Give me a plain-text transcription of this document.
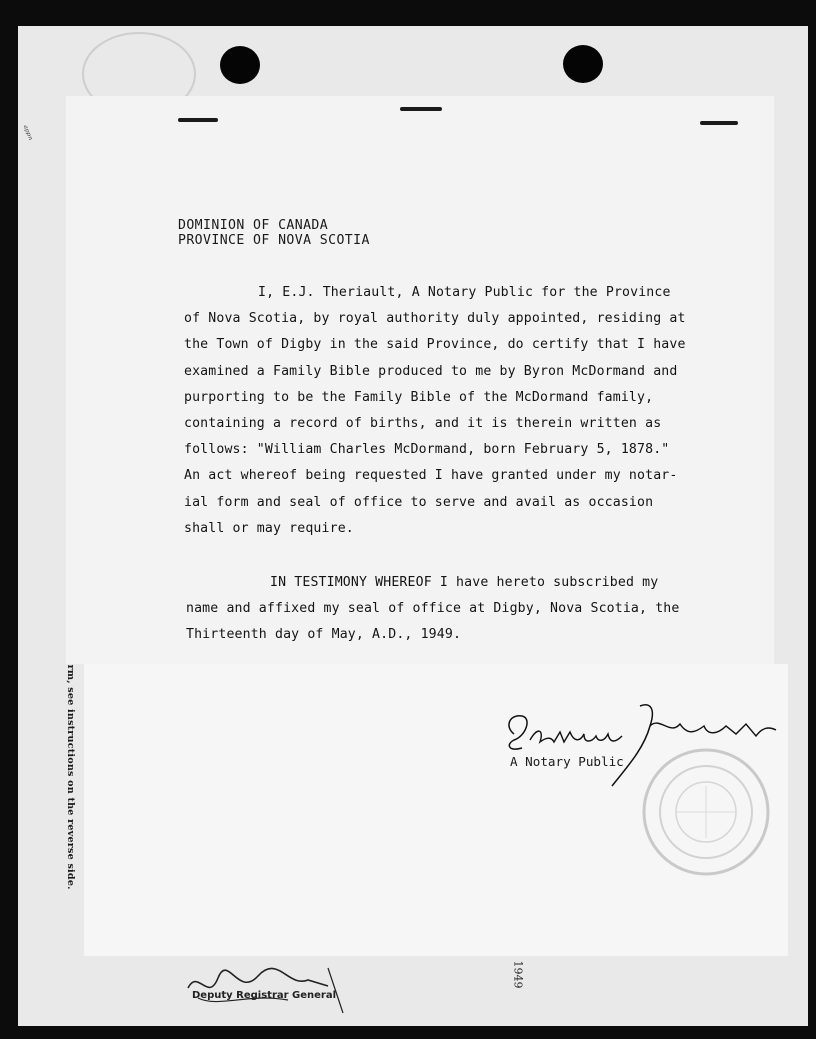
ᵃᵖᵖⁿ
Deputy Registrar General
1949
DOMINION OF CANADA
PROVINCE OF NOVA SCOTIA
I, E.J. Theriault, A Notary Public for the Province
of Nova Scotia, by royal authority duly appointed, residing at
the Town of Digby in the said Province, do certify that I have
examined a Family Bible produced to me by Byron McDormand and
purporting to be the Family Bible of the McDormand family,
containing a record of births, and it is therein written as
follows: "William Charles McDormand, born February 5, 1878."
An act whereof being requested I have granted under my notar-
ial form and seal of office to serve and avail as occasion
shall or may require.
IN TESTIMONY WHEREOF I have hereto subscribed my
name and affixed my seal of office at Digby, Nova Scotia, the
Thirteenth day of May, A.D., 1949.
A Notary Public
